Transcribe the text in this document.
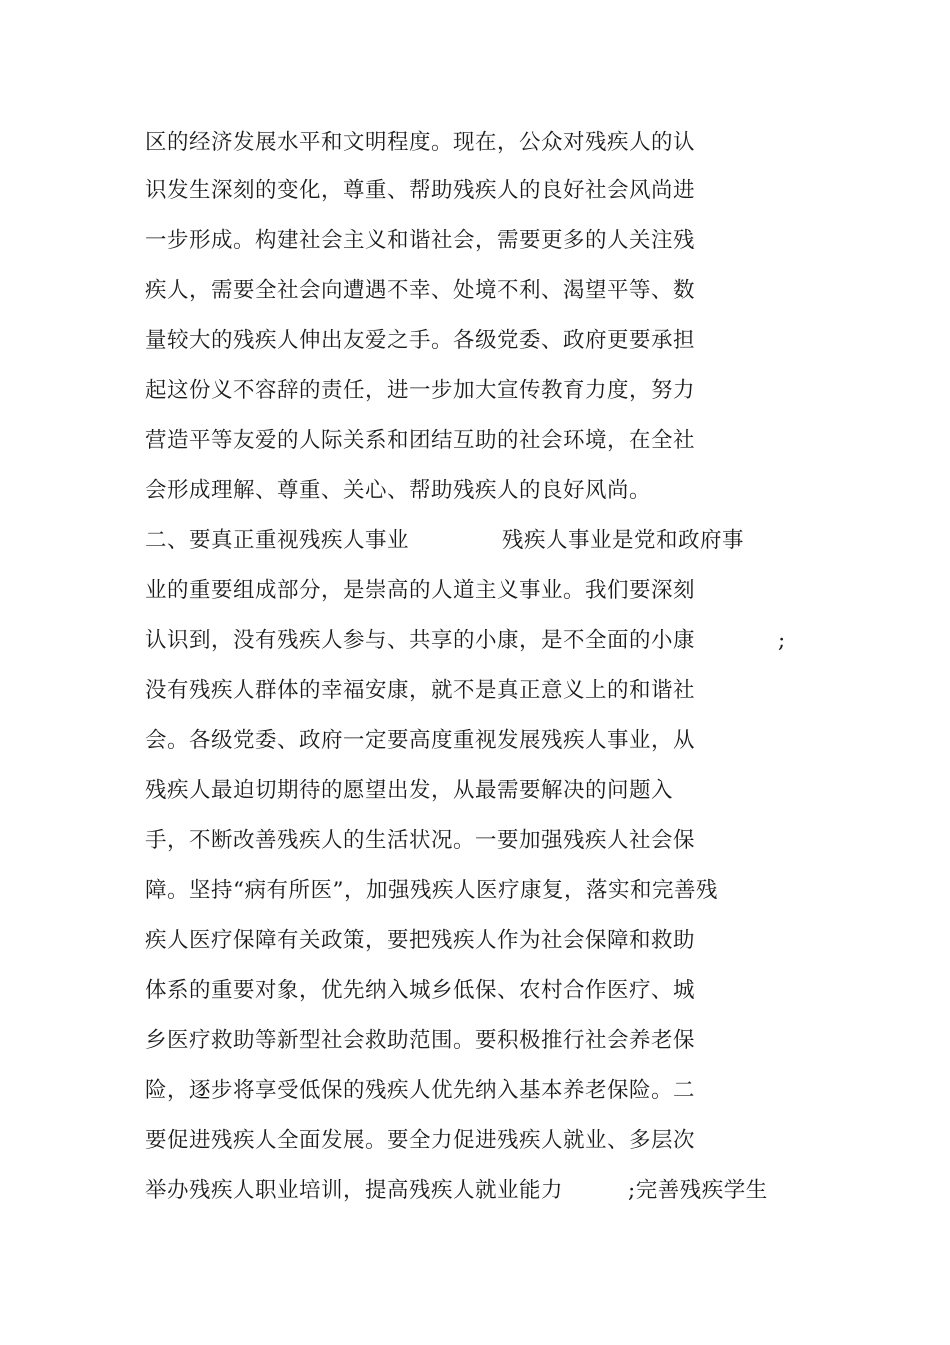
区的经济发展水平和文明程度。现在，公众对残疾人的认
识发生深刻的变化，尊重、帮助残疾人的良好社会风尚进
一步形成。构建社会主义和谐社会，需要更多的人关注残
疾人，需要全社会向遭遇不幸、处境不利、渴望平等、数
量较大的残疾人伸出友爱之手。各级党委、政府更要承担
起这份义不容辞的责任，进一步加大宣传教育力度，努力
营造平等友爱的人际关系和团结互助的社会环境，在全社
会形成理解、尊重、关心、帮助残疾人的良好风尚。
二、要真正重视残疾人事业	残疾人事业是党和政府事
业的重要组成部分，是崇高的人道主义事业。我们要深刻
认识到，没有残疾人参与、共享的小康，是不全面的小康	;
没有残疾人群体的幸福安康，就不是真正意义上的和谐社
会。各级党委、政府一定要高度重视发展残疾人事业，从
残疾人最迫切期待的愿望出发，从最需要解决的问题入
手，不断改善残疾人的生活状况。一要加强残疾人社会保
障。坚持“病有所医”，加强残疾人医疗康复，落实和完善残
疾人医疗保障有关政策，要把残疾人作为社会保障和救助
体系的重要对象，优先纳入城乡低保、农村合作医疗、城
乡医疗救助等新型社会救助范围。要积极推行社会养老保
险，逐步将享受低保的残疾人优先纳入基本养老保险。二
要促进残疾人全面发展。要全力促进残疾人就业、多层次
举办残疾人职业培训，提高残疾人就业能力	;完善残疾学生
